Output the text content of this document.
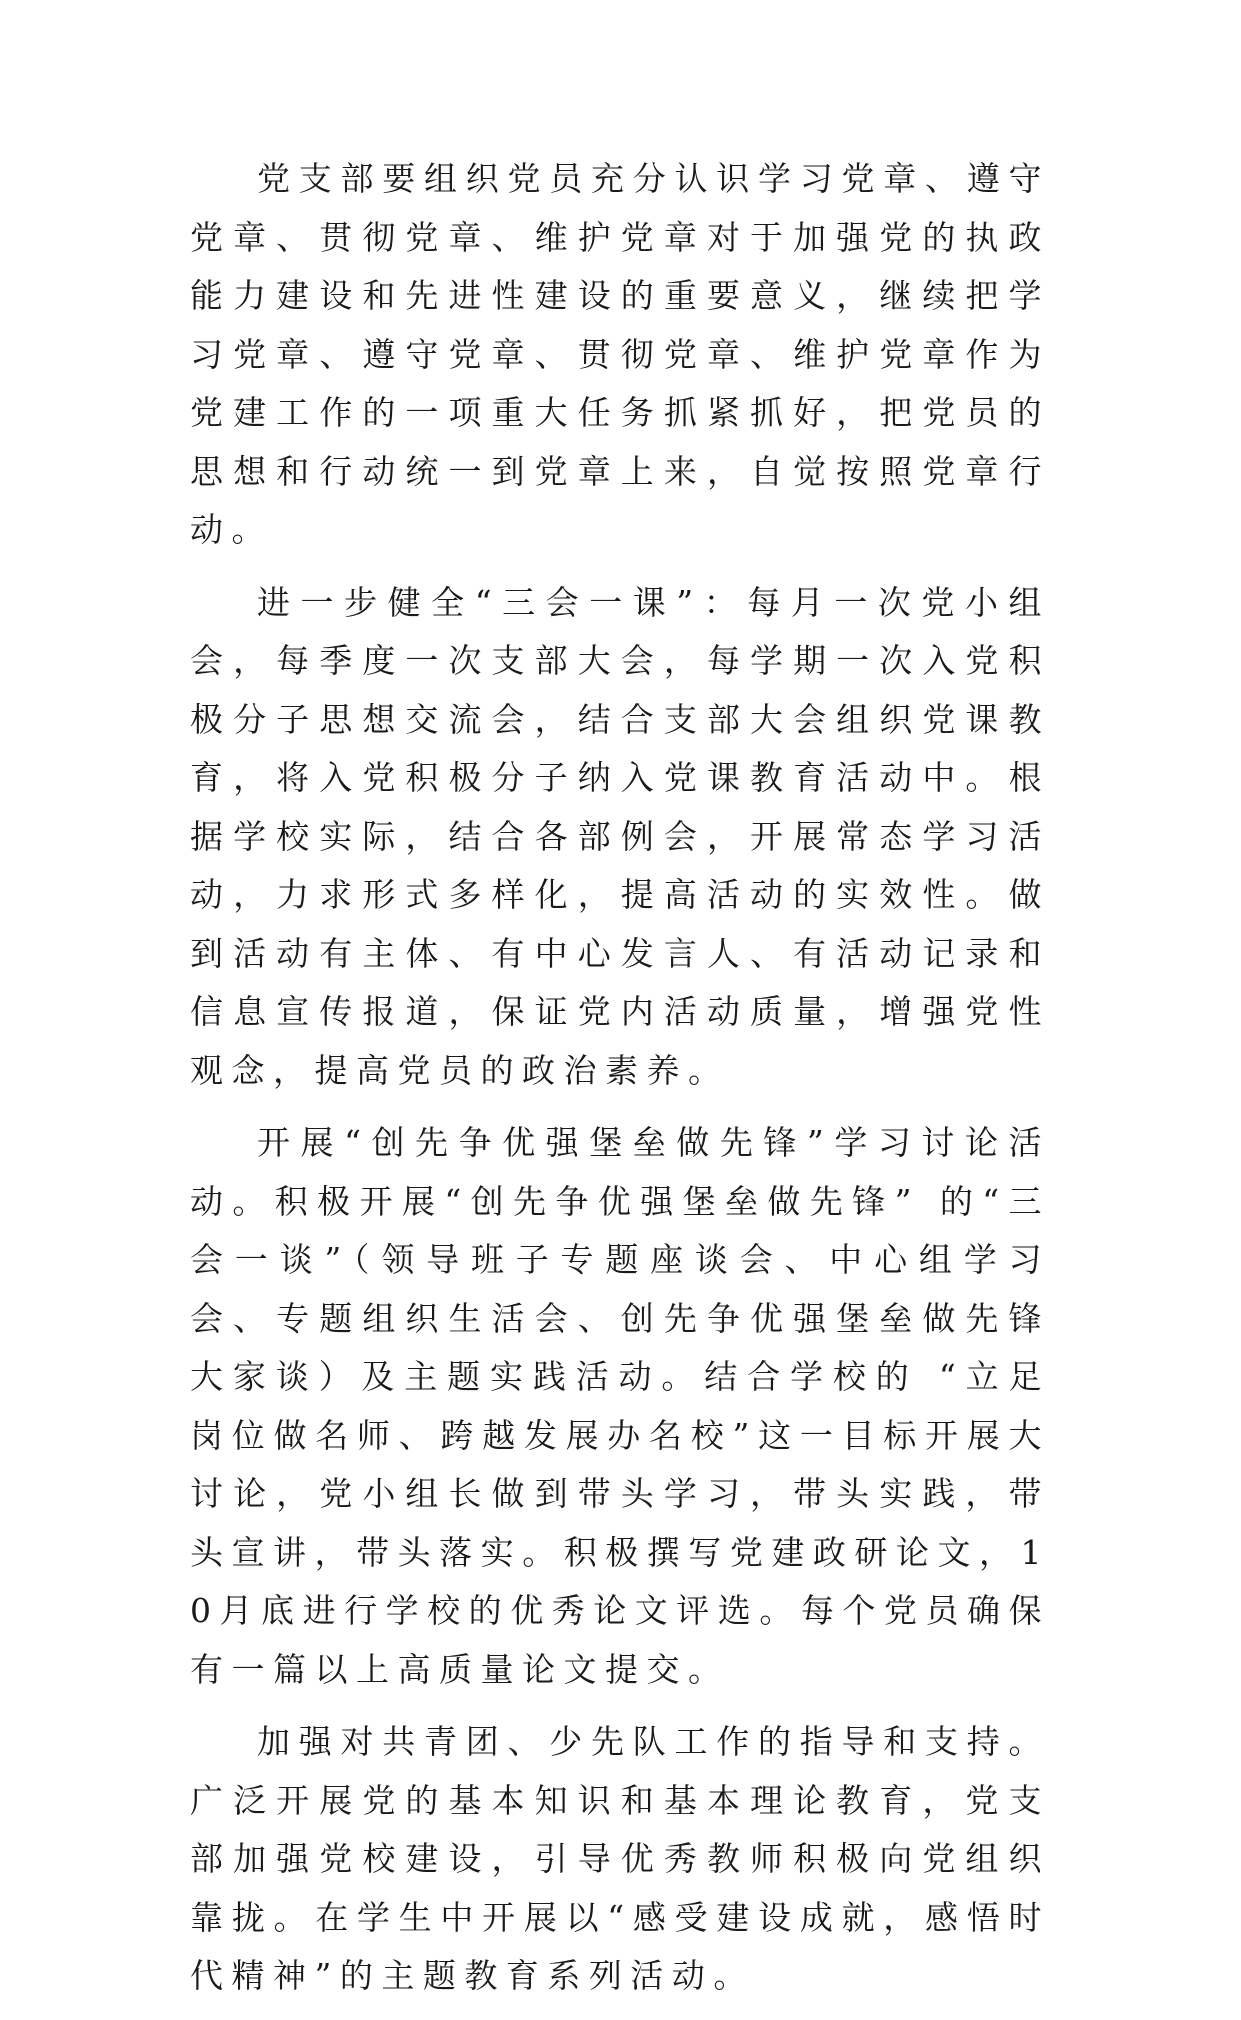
党支部要组织党员充分认识学习党章、遵守党章、贯彻党章、维护党章对于加强党的执政能力建设和先进性建设的重要意义，继续把学习党章、遵守党章、贯彻党章、维护党章作为党建工作的一项重大任务抓紧抓好，把党员的思想和行动统一到党章上来，自觉按照党章行动。

进一步健全“三会一课”：每月一次党小组会，每季度一次支部大会，每学期一次入党积极分子思想交流会，结合支部大会组织党课教育，将入党积极分子纳入党课教育活动中。根据学校实际，结合各部例会，开展常态学习活动，力求形式多样化，提高活动的实效性。做到活动有主体、有中心发言人、有活动记录和信息宣传报道，保证党内活动质量，增强党性观念，提高党员的政治素养。

开展“创先争优强堡垒做先锋”学习讨论活动。积极开展“创先争优强堡垒做先锋” 的“三会一谈”（领导班子专题座谈会、中心组学习会、专题组织生活会、创先争优强堡垒做先锋大家谈）及主题实践活动。结合学校的 “立足岗位做名师、跨越发展办名校”这一目标开展大讨论，党小组长做到带头学习，带头实践，带头宣讲，带头落实。积极撰写党建政研论文，10月底进行学校的优秀论文评选。每个党员确保有一篇以上高质量论文提交。

加强对共青团、少先队工作的指导和支持。广泛开展党的基本知识和基本理论教育，党支部加强党校建设，引导优秀教师积极向党组织靠拢。在学生中开展以“感受建设成就，感悟时代精神”的主题教育系列活动。
